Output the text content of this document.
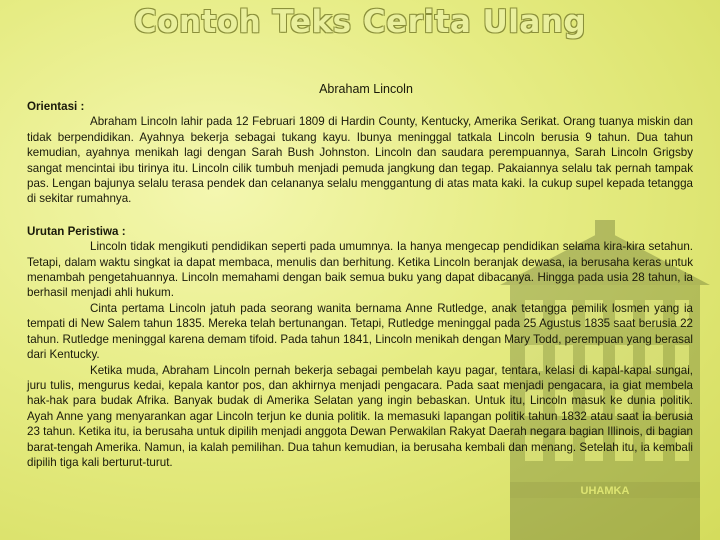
UHAMKA
Contoh Teks Cerita Ulang
Abraham Lincoln

Orientasi :

Abraham Lincoln lahir pada 12 Februari 1809 di Hardin County, Kentucky, Amerika Serikat. Orang tuanya miskin dan tidak berpendidikan. Ayahnya bekerja sebagai tukang kayu. Ibunya meninggal tatkala Lincoln berusia 9 tahun. Dua tahun kemudian, ayahnya menikah lagi dengan Sarah Bush Johnston. Lincoln dan saudara perempuannya, Sarah Lincoln Grigsby sangat mencintai ibu tirinya itu. Lincoln cilik tumbuh menjadi pemuda jangkung dan tegap. Pakaiannya selalu tak pernah tampak pas. Lengan bajunya selalu terasa pendek dan celananya selalu menggantung di atas mata kaki. Ia cukup supel kepada tetangga di sekitar rumahnya.

Urutan Peristiwa :

Lincoln tidak mengikuti pendidikan seperti pada umumnya. Ia hanya mengecap pendidikan selama kira-kira setahun. Tetapi, dalam waktu singkat ia dapat membaca, menulis dan berhitung. Ketika Lincoln beranjak dewasa, ia berusaha keras untuk menambah pengetahuannya. Lincoln memahami dengan baik semua buku yang dapat dibacanya. Hingga pada usia 28 tahun, ia berhasil menjadi ahli hukum.

Cinta pertama Lincoln jatuh pada seorang wanita bernama Anne Rutledge, anak tetangga pemilik losmen yang ia tempati di New Salem tahun 1835. Mereka telah bertunangan. Tetapi, Rutledge meninggal pada 25 Agustus 1835 saat berusia 22 tahun. Rutledge meninggal karena demam tifoid. Pada tahun 1841, Lincoln menikah dengan Mary Todd, perempuan yang berasal dari Kentucky.

Ketika muda, Abraham Lincoln pernah bekerja sebagai pembelah kayu pagar, tentara, kelasi di kapal-kapal sungai, juru tulis, mengurus kedai, kepala kantor pos, dan akhirnya menjadi pengacara. Pada saat menjadi pengacara, ia giat membela hak-hak para budak Afrika. Banyak budak di Amerika Selatan yang ingin bebaskan. Untuk itu, Lincoln masuk ke dunia politik. Ayah Anne yang menyarankan agar Lincoln terjun ke dunia politik. Ia memasuki lapangan politik tahun 1832 atau saat ia berusia 23 tahun. Ketika itu, ia berusaha untuk dipilih menjadi anggota Dewan Perwakilan Rakyat Daerah negara bagian Illinois, di bagian barat-tengah Amerika. Namun, ia kalah pemilihan. Dua tahun kemudian, ia berusaha kembali dan menang. Setelah itu, ia kembali dipilih tiga kali berturut-turut.
